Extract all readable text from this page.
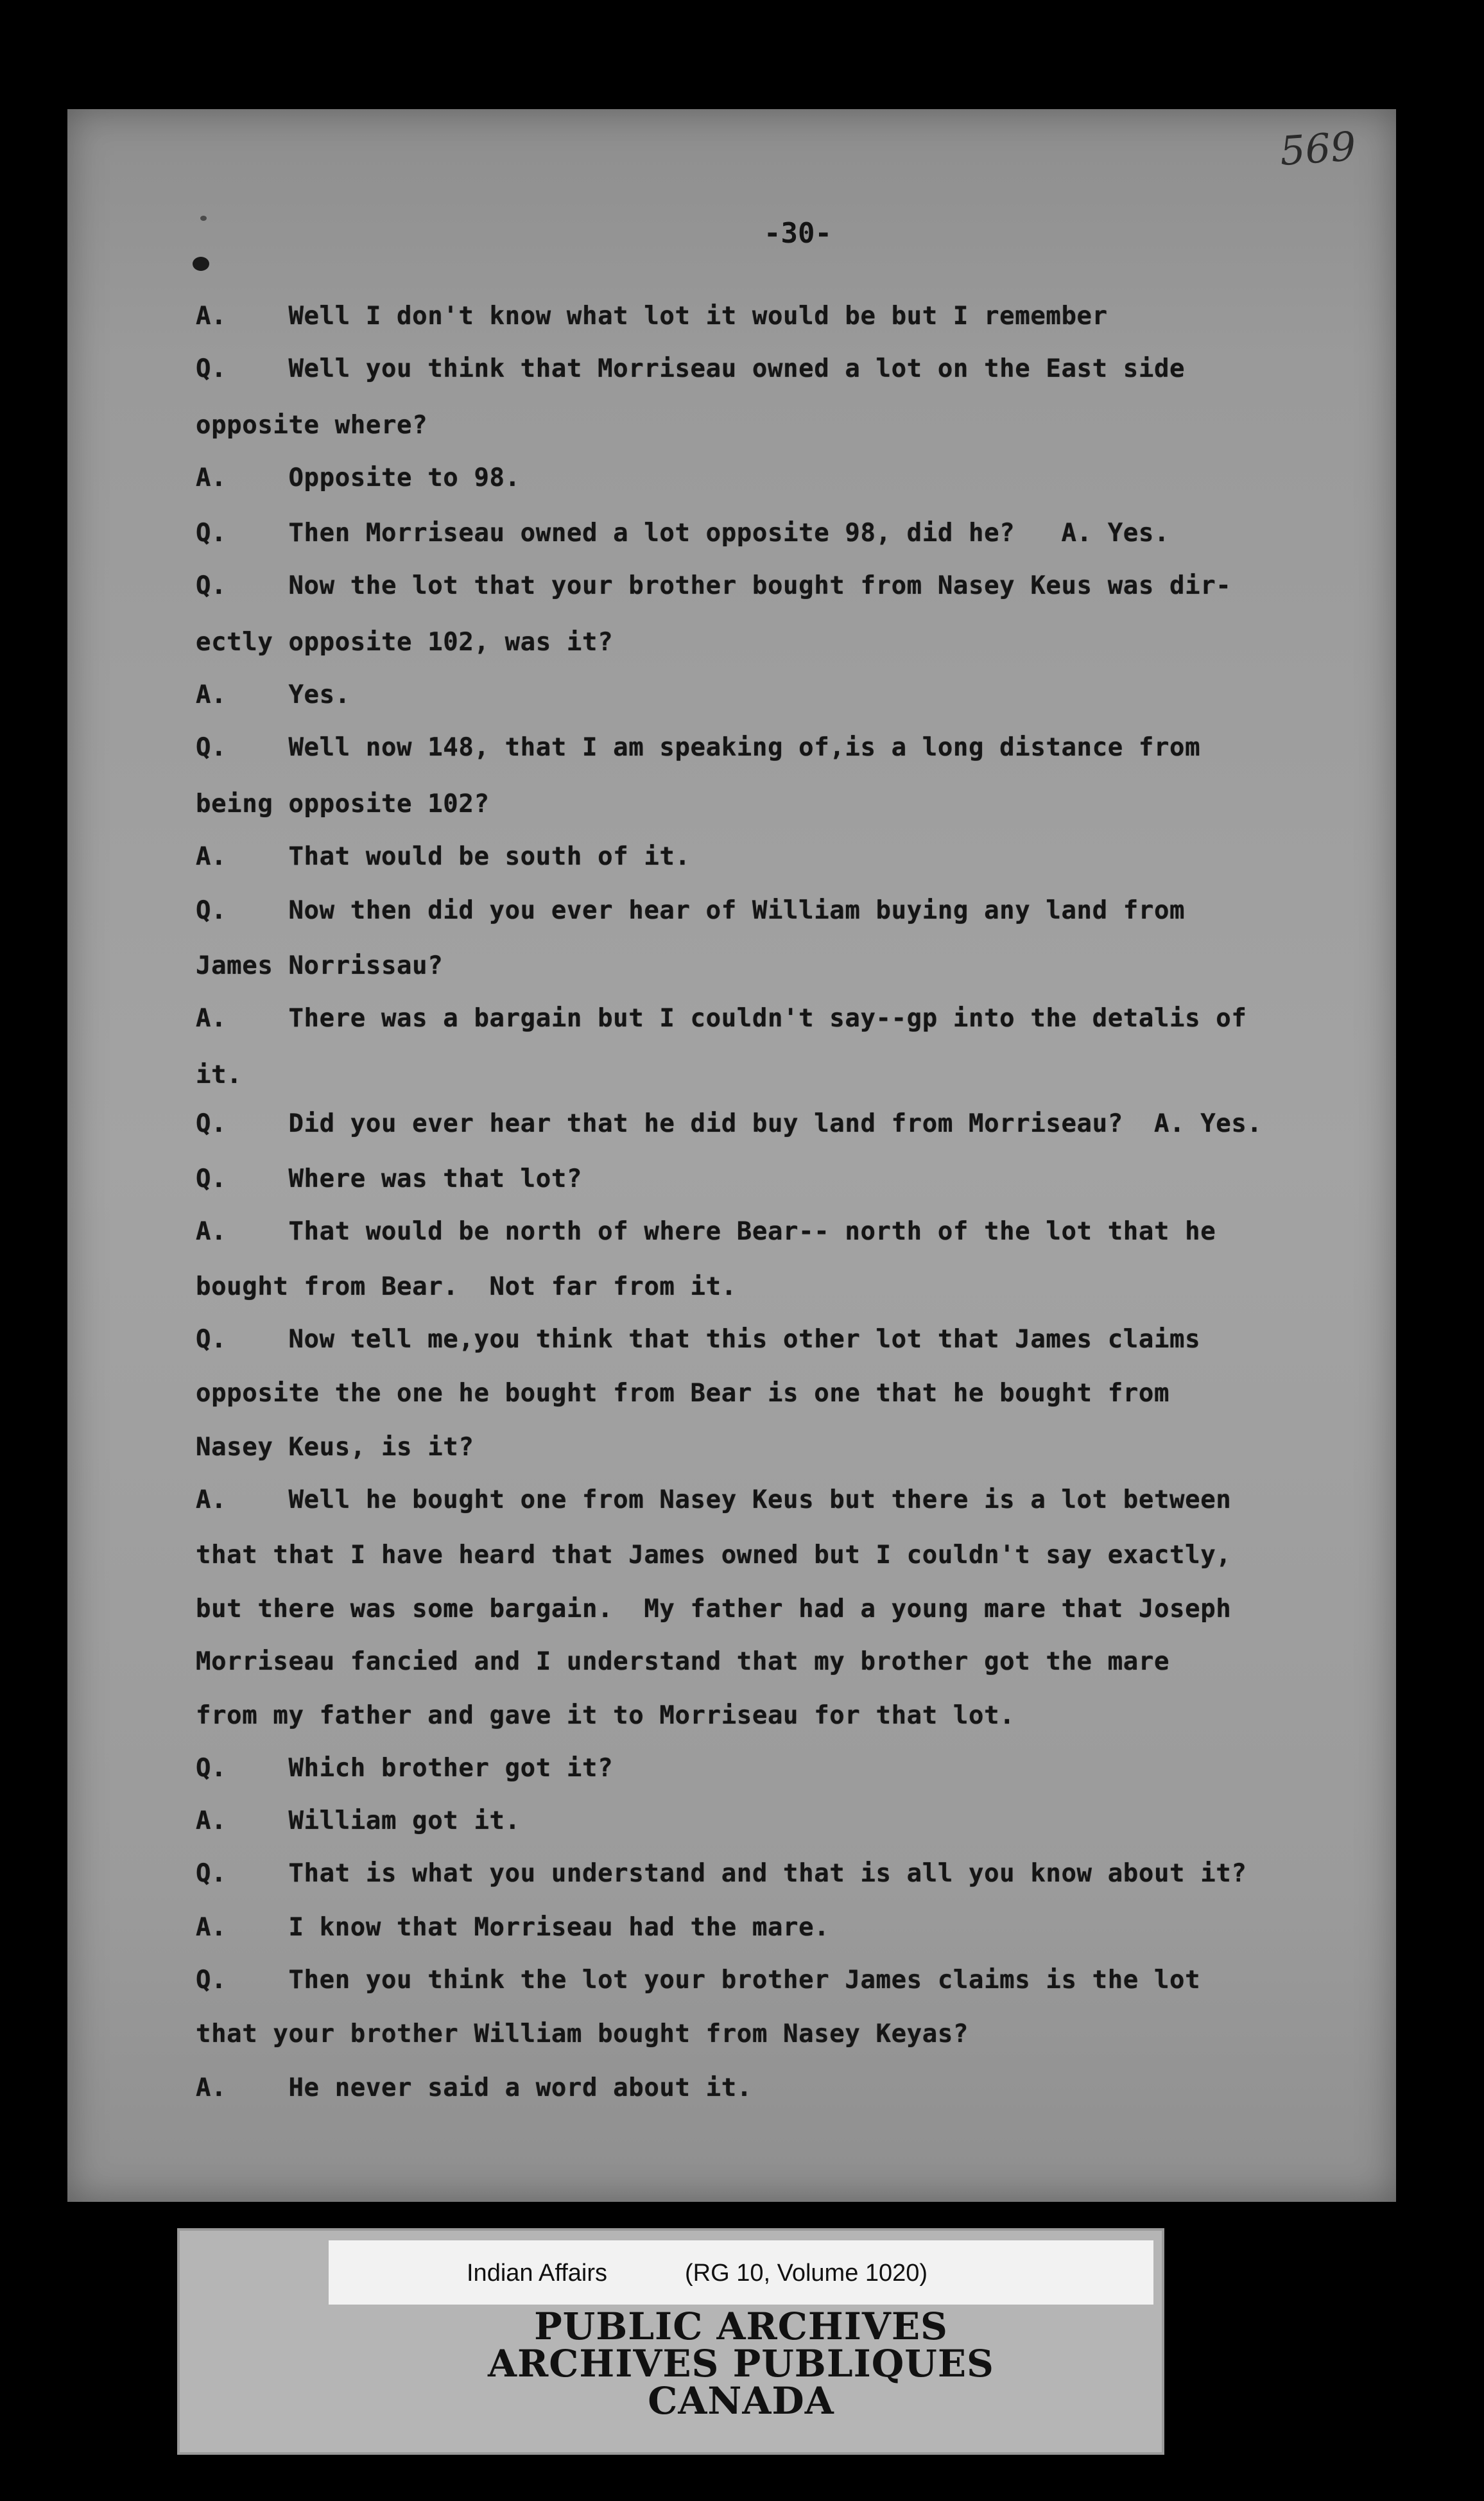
569
-30-
A.    Well I don't know what lot it would be but I remember
Q.    Well you think that Morriseau owned a lot on the East side
opposite where?
A.    Opposite to 98.
Q.    Then Morriseau owned a lot opposite 98, did he?   A. Yes.
Q.    Now the lot that your brother bought from Nasey Keus was dir-
ectly opposite 102, was it?
A.    Yes.
Q.    Well now 148, that I am speaking of,is a long distance from
being opposite 102?
A.    That would be south of it.
Q.    Now then did you ever hear of William buying any land from
James Norrissau?
A.    There was a bargain but I couldn't say--gp into the detalis of
it.
Q.    Did you ever hear that he did buy land from Morriseau?  A. Yes.
Q.    Where was that lot?
A.    That would be north of where Bear-- north of the lot that he
bought from Bear.  Not far from it.
Q.    Now tell me,you think that this other lot that James claims
opposite the one he bought from Bear is one that he bought from
Nasey Keus, is it?
A.    Well he bought one from Nasey Keus but there is a lot between
that that I have heard that James owned but I couldn't say exactly,
but there was some bargain.  My father had a young mare that Joseph
Morriseau fancied and I understand that my brother got the mare
from my father and gave it to Morriseau for that lot.
Q.    Which brother got it?
A.    William got it.
Q.    That is what you understand and that is all you know about it?
A.    I know that Morriseau had the mare.
Q.    Then you think the lot your brother James claims is the lot
that your brother William bought from Nasey Keyas?
A.    He never said a word about it.
Indian Affairs	(RG 10, Volume 1020)
PUBLIC ARCHIVES
ARCHIVES PUBLIQUES
CANADA
